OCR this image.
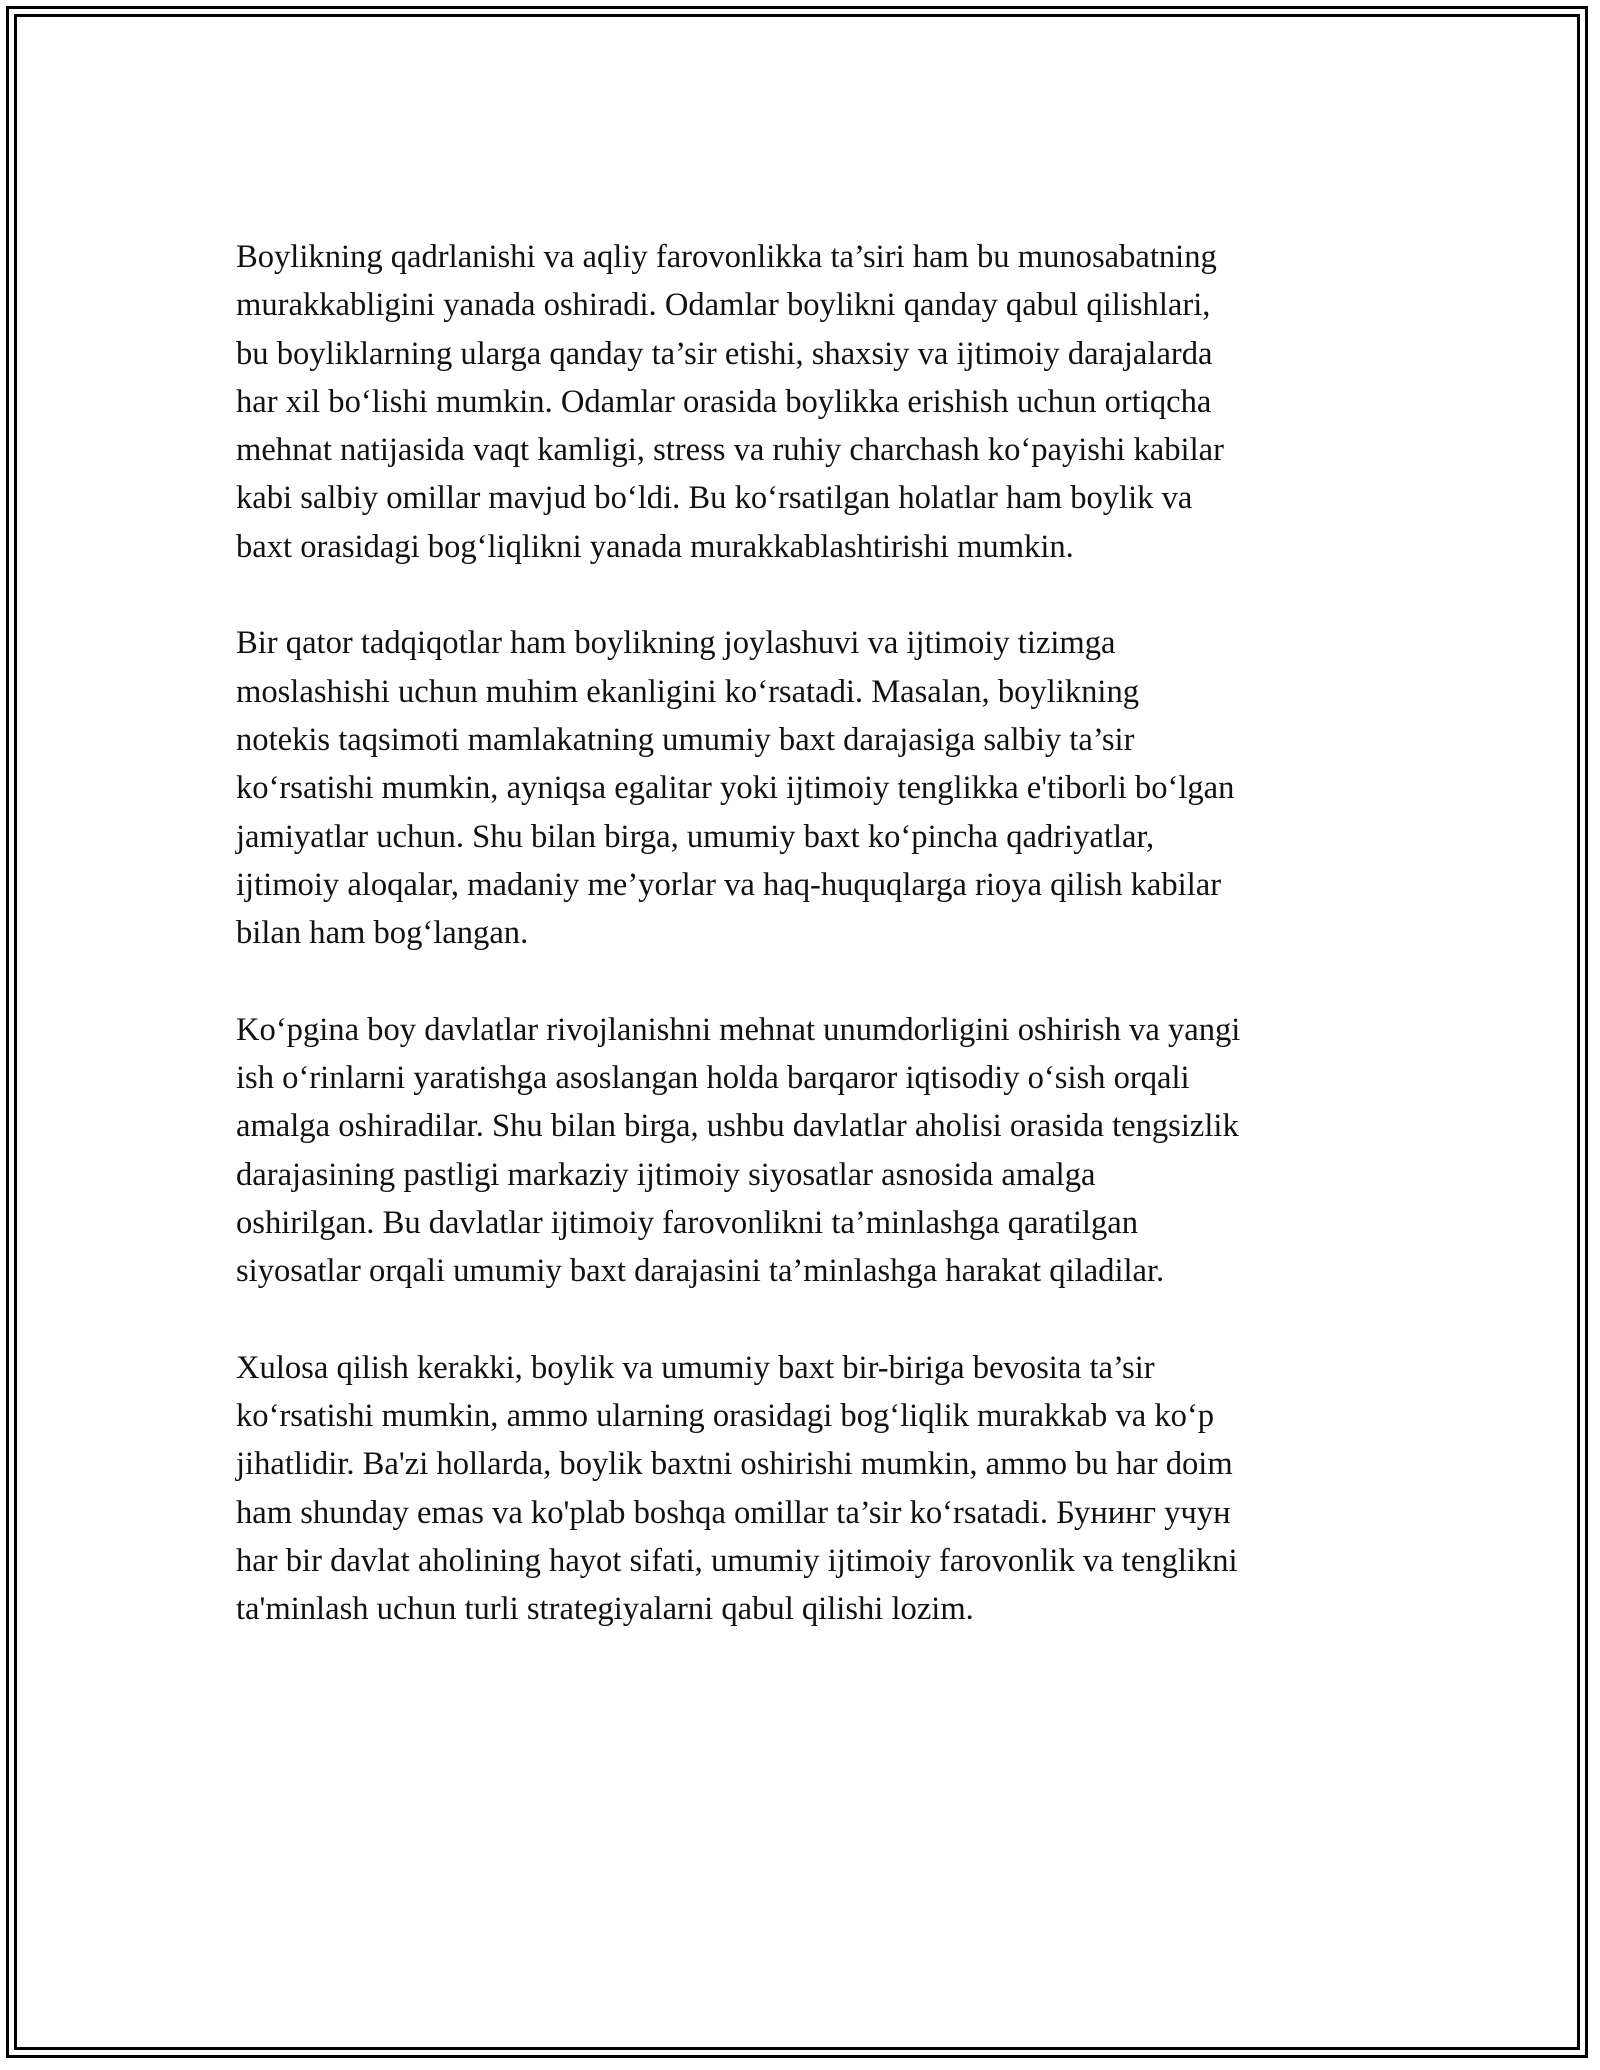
Boylikning qadrlanishi va aqliy farovonlikka ta’siri ham bu munosabatning
murakkabligini yanada oshiradi. Odamlar boylikni qanday qabul qilishlari,
bu boyliklarning ularga qanday ta’sir etishi, shaxsiy va ijtimoiy darajalarda
har xil bo‘lishi mumkin. Odamlar orasida boylikka erishish uchun ortiqcha
mehnat natijasida vaqt kamligi, stress va ruhiy charchash ko‘payishi kabilar
kabi salbiy omillar mavjud bo‘ldi. Bu ko‘rsatilgan holatlar ham boylik va
baxt orasidagi bog‘liqlikni yanada murakkablashtirishi mumkin.

Bir qator tadqiqotlar ham boylikning joylashuvi va ijtimoiy tizimga
moslashishi uchun muhim ekanligini ko‘rsatadi. Masalan, boylikning
notekis taqsimoti mamlakatning umumiy baxt darajasiga salbiy ta’sir
ko‘rsatishi mumkin, ayniqsa egalitar yoki ijtimoiy tenglikka e'tiborli bo‘lgan
jamiyatlar uchun. Shu bilan birga, umumiy baxt ko‘pincha qadriyatlar,
ijtimoiy aloqalar, madaniy me’yorlar va haq-huquqlarga rioya qilish kabilar
bilan ham bog‘langan.

Ko‘pgina boy davlatlar rivojlanishni mehnat unumdorligini oshirish va yangi
ish o‘rinlarni yaratishga asoslangan holda barqaror iqtisodiy o‘sish orqali
amalga oshiradilar. Shu bilan birga, ushbu davlatlar aholisi orasida tengsizlik
darajasining pastligi markaziy ijtimoiy siyosatlar asnosida amalga
oshirilgan. Bu davlatlar ijtimoiy farovonlikni ta’minlashga qaratilgan
siyosatlar orqali umumiy baxt darajasini ta’minlashga harakat qiladilar.

Xulosa qilish kerakki, boylik va umumiy baxt bir-biriga bevosita ta’sir
ko‘rsatishi mumkin, ammo ularning orasidagi bog‘liqlik murakkab va ko‘p
jihatlidir. Ba'zi hollarda, boylik baxtni oshirishi mumkin, ammo bu har doim
ham shunday emas va ko'plab boshqa omillar ta’sir ko‘rsatadi. Бунинг учун
har bir davlat aholining hayot sifati, umumiy ijtimoiy farovonlik va tenglikni
ta'minlash uchun turli strategiyalarni qabul qilishi lozim.
